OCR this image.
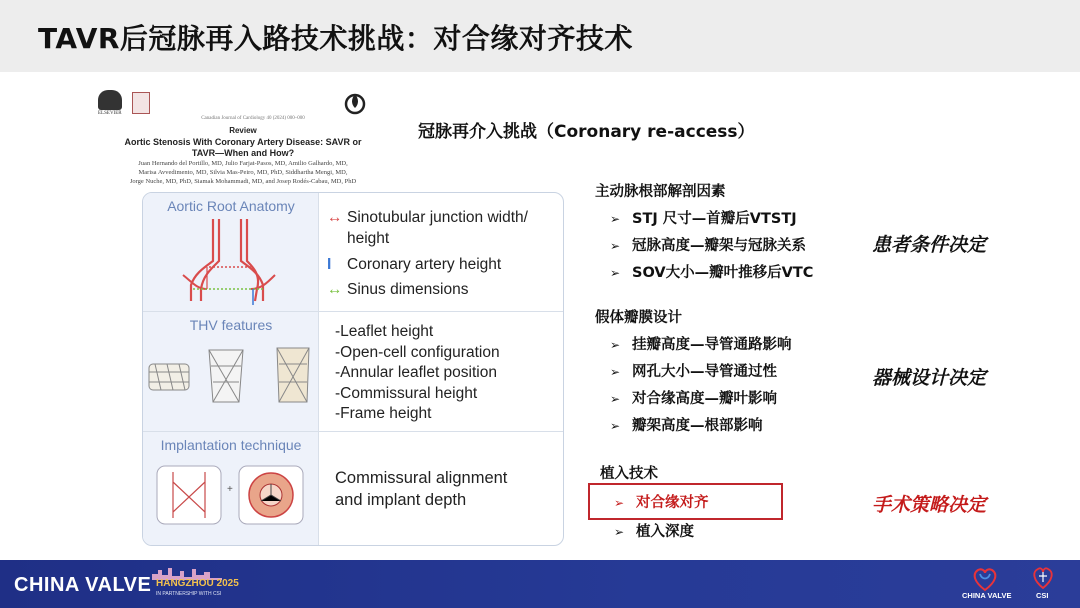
TAVR后冠脉再入路技术挑战：对合缘对齐技术
ELSEVIER
Canadian Journal of Cardiology 40 (2024) 000–000
Review
Aortic Stenosis With Coronary Artery Disease: SAVR or
TAVR—When and How?
Juan Hernando del Portillo, MD, Julio Farjat-Pasos, MD, Amilio Galhardo, MD,
Marisa Avvedimento, MD, Silvia Mas-Peiro, MD, PhD, Siddhartha Mengi, MD,
Jorge Nuche, MD, PhD, Siamak Mohammadi, MD, and Josep Rodés-Cabau, MD, PhD
Aortic Root Anatomy
↔ Sinotubular junction width/
height
I Coronary artery height
↔ Sinus dimensions
THV features	-Leaflet height
-Open-cell configuration
-Annular leaflet position
-Commissural height
-Frame height
Implantation technique
+
Commissural alignment
and implant depth
冠脉再介入挑战（Coronary re-access）
主动脉根部解剖因素
➢ STJ 尺寸—首瓣后VTSTJ
➢ 冠脉高度—瓣架与冠脉关系
➢ SOV大小—瓣叶推移后VTC
患者条件决定
假体瓣膜设计
➢ 挂瓣高度—导管通路影响
➢ 网孔大小—导管通过性
➢ 对合缘高度—瓣叶影响
➢ 瓣架高度—根部影响
器械设计决定
植入技术
➢ 对合缘对齐
➢ 植入深度
手术策略决定
CHINA VALVE HANGZHOU 2025
IN PARTNERSHIP WITH CSI	CHINA VALVE	CSI
